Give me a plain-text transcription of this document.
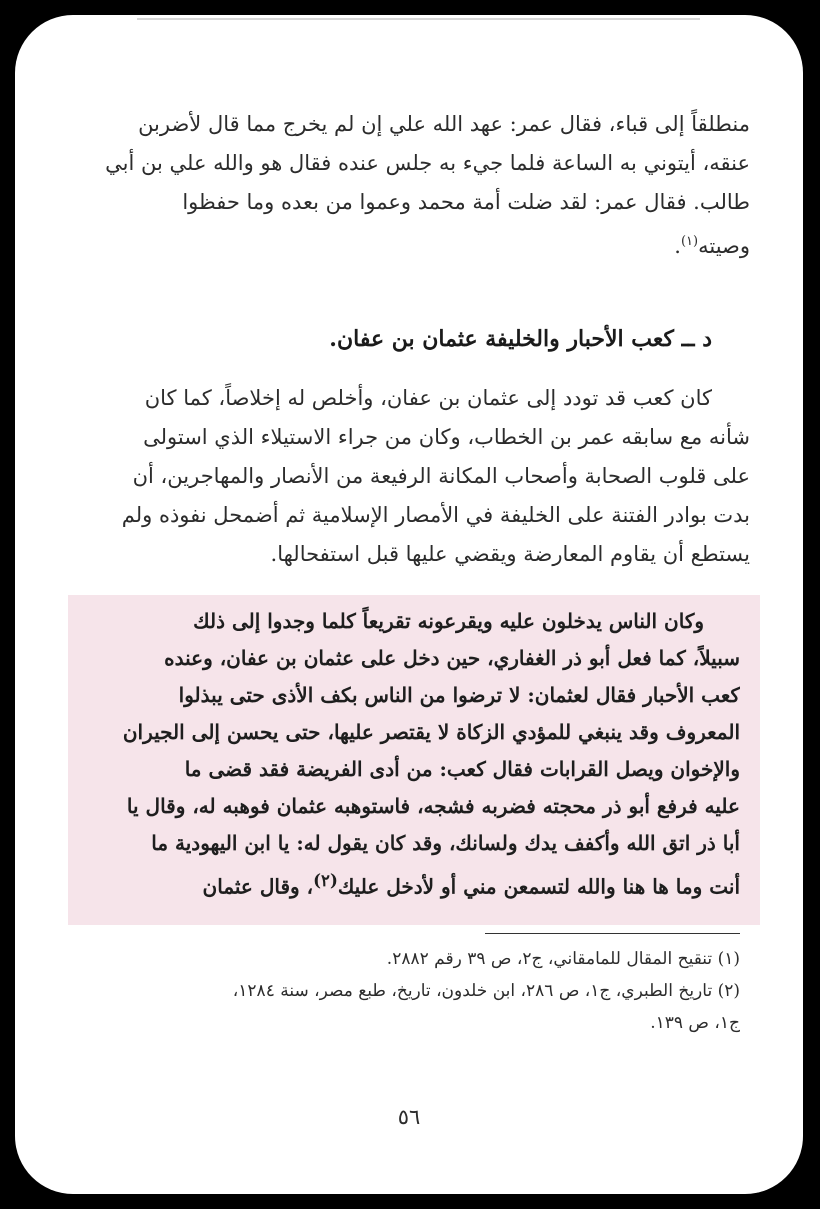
منطلقاً إلى قباء، فقال عمر: عهد الله علي إن لم يخرج مما قال لأضربن
عنقه، أيتوني به الساعة فلما جيء به جلس عنده فقال هو والله علي بن أبي
طالب. فقال عمر: لقد ضلت أمة محمد وعموا من بعده وما حفظوا
وصيته$^{(١)}$.
د ــ كعب الأحبار والخليفة عثمان بن عفان.
كان كعب قد تودد إلى عثمان بن عفان، وأخلص له إخلاصاً، كما كان
شأنه مع سابقه عمر بن الخطاب، وكان من جراء الاستيلاء الذي استولى
على قلوب الصحابة وأصحاب المكانة الرفيعة من الأنصار والمهاجرين، أن
بدت بوادر الفتنة على الخليفة في الأمصار الإسلامية ثم أضمحل نفوذه ولم
يستطع أن يقاوم المعارضة ويقضي عليها قبل استفحالها.
وكان الناس يدخلون عليه ويقرعونه تقريعاً كلما وجدوا إلى ذلك
سبيلاً، كما فعل أبو ذر الغفاري، حين دخل على عثمان بن عفان، وعنده
كعب الأحبار فقال لعثمان: لا ترضوا من الناس بكف الأذى حتى يبذلوا
المعروف وقد ينبغي للمؤدي الزكاة لا يقتصر عليها، حتى يحسن إلى الجيران
والإخوان ويصل القرابات فقال كعب: من أدى الفريضة فقد قضى ما
عليه فرفع أبو ذر محجته فضربه فشجه، فاستوهبه عثمان فوهبه له، وقال يا
أبا ذر اتق الله وأكفف يدك ولسانك، وقد كان يقول له: يا ابن اليهودية ما
أنت وما ها هنا والله لتسمعن مني أو لأدخل عليك$^{(٢)}$، وقال عثمان
(١) تنقيح المقال للمامقاني، ج٢، ص ٣٩ رقم ٢٨٨٢.
(٢) تاريخ الطبري، ج١، ص ٢٨٦، ابن خلدون، تاريخ، طبع مصر، سنة ١٢٨٤،
ج١، ص ١٣٩.
٥٦
